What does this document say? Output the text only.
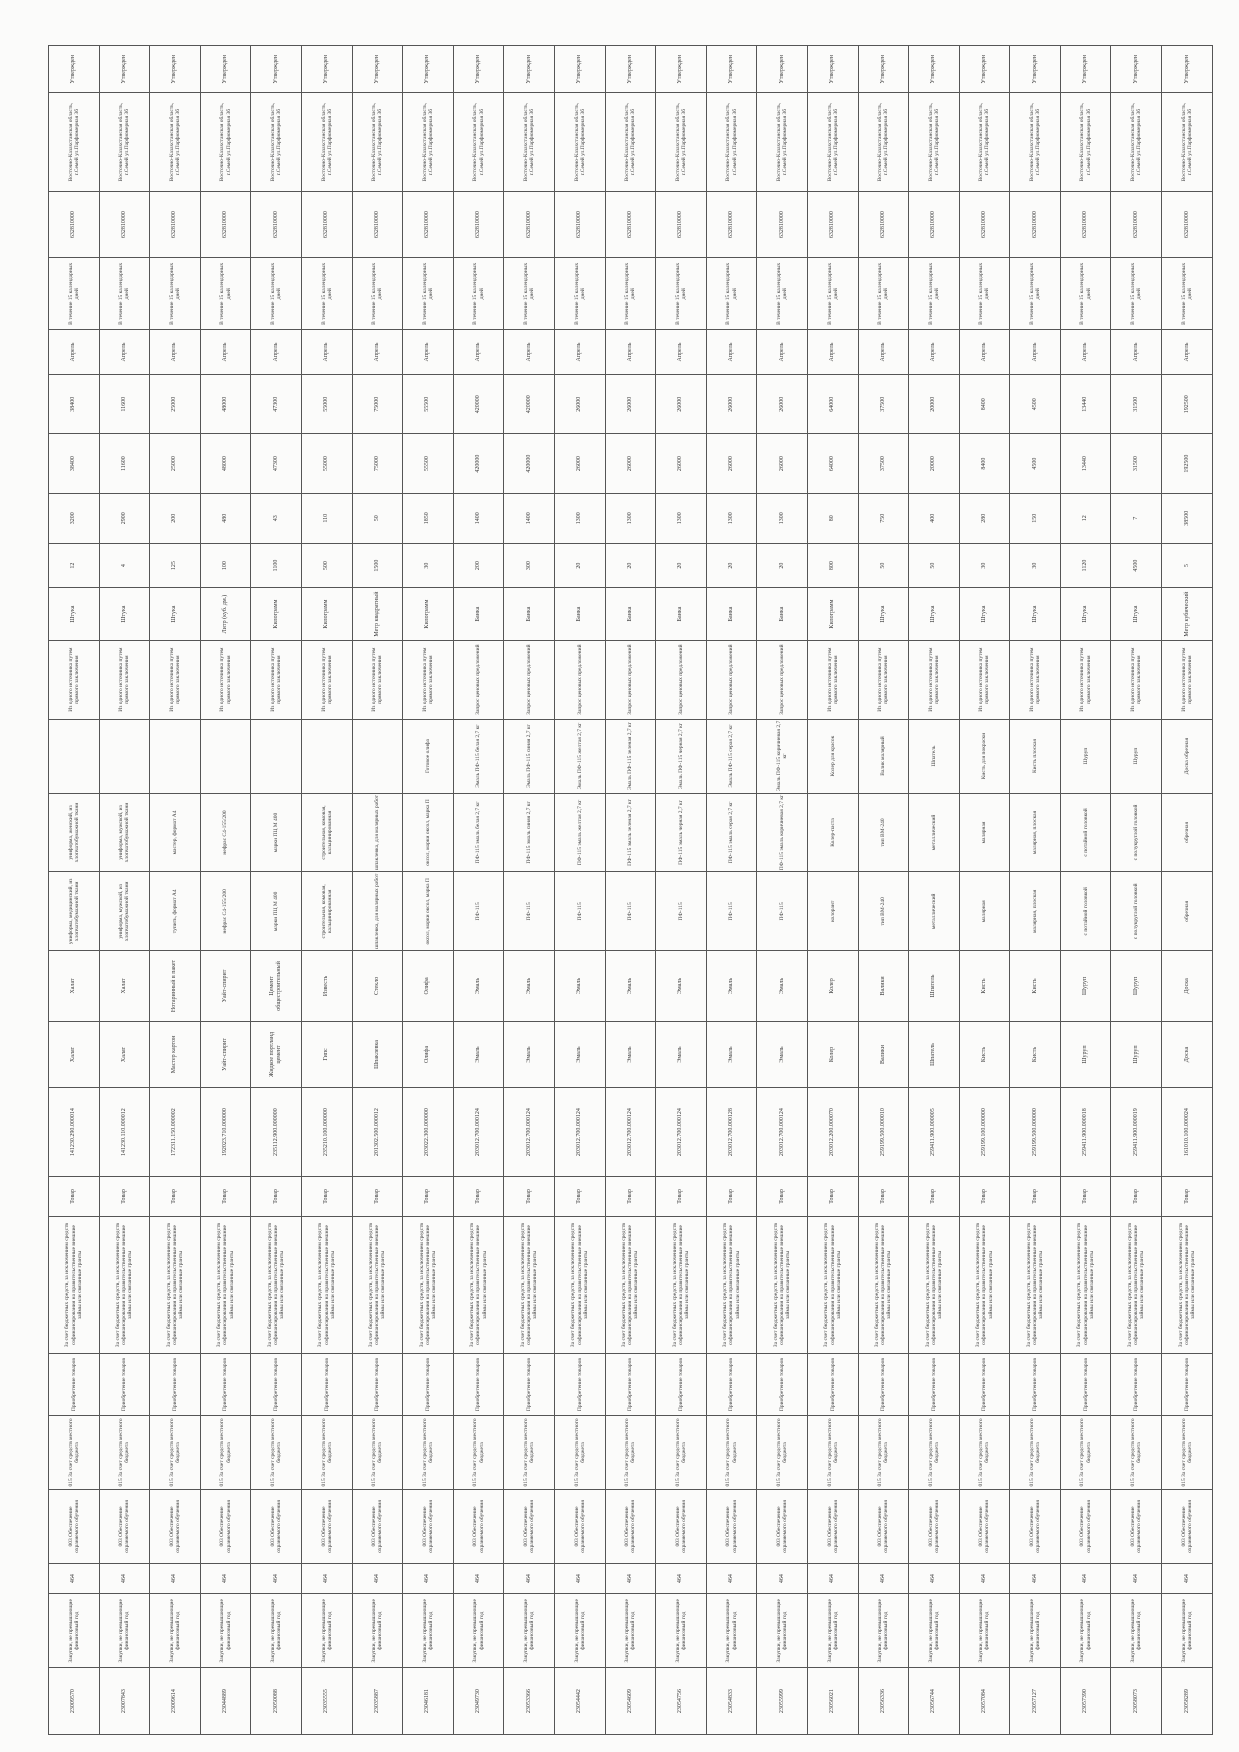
23009570	Закупки, не превышающие финансовый год	464	003 Обеспечение охраняемого обучения	015 За счет средств местного бюджета	Приобретение товаров	За счет бюджетных средств, за исключением средств софинансирования на правительственные внешние займы или связанные гранты	Товар	141230.290.000014	Халат	Халат	униформа, медицинский, из хлопчатобумажной ткани	униформа, женский, из хлопчатобумажной ткани		Из одного источника путем прямого заключения	Штука	12	3200	38400	38400	Апрель	В течение 15 календарных дней	632810000	Восточно-Казахстанская область, г.Семей ул.Парфюмерная 3б	Утвержден
23007843	Закупки, не превышающие финансовый год	464	003 Обеспечение охраняемого обучения	015 За счет средств местного бюджета	Приобретение товаров	За счет бюджетных средств, за исключением средств софинансирования на правительственные внешние займы или связанные гранты	Товар	141230.110.000012	Халат	Халат	униформа, мужской, из хлопчатобумажной ткани	униформа, мужской, из хлопчатобумажной ткани		Из одного источника путем прямого заключения	Штука	4	2900	11600	11600	Апрель	В течение 15 календарных дней	632810000	Восточно-Казахстанская область, г.Семей ул.Парфюмерная 3б	Утвержден
23009614	Закупки, не превышающие финансовый год	464	003 Обеспечение охраняемого обучения	015 За счет средств местного бюджета	Приобретение товаров	За счет бюджетных средств, за исключением средств софинансирования на правительственные внешние займы или связанные гранты	Товар	172311.150.000002	Мастер картон	Нотаринный в пакет	тупить, формат А4	мастер, формат А4		Из одного источника путем прямого заключения	Штука	125	200	25000	25000	Апрель	В течение 15 календарных дней	632810000	Восточно-Казахстанская область, г.Семей ул.Парфюмерная 3б	Утвержден
23044889	Закупки, не превышающие финансовый год	464	003 Обеспечение охраняемого обучения	015 За счет средств местного бюджета	Приобретение товаров	За счет бюджетных средств, за исключением средств софинансирования на правительственные внешние займы или связанные гранты	Товар	192023.710.000000	Уайт-спирит	Уайт-спирит	нефрас С4-155/200	нефрас С4-155/200		Из одного источника путем прямого заключения	Литр (куб. дм.)	100	480	48000	48000	Апрель	В течение 15 календарных дней	632810000	Восточно-Казахстанская область, г.Семей ул.Парфюмерная 3б	Утвержден
23050088	Закупки, не превышающие финансовый год	464	003 Обеспечение охраняемого обучения	015 За счет средств местного бюджета	Приобретение товаров	За счет бюджетных средств, за исключением средств софинансирования на правительственные внешние займы или связанные гранты	Товар	235112.900.000000	Жидкое портланд цемент	Цемент общестроительный	марки ПЦ М 400	марки ПЦ М 400		Из одного источника путем прямого заключения	Килограмм	1100	43	47300	47300	Апрель	В течение 15 календарных дней	632810000	Восточно-Казахстанская область, г.Семей ул.Парфюмерная 3б	Утвержден
23035555	Закупки, не превышающие финансовый год	464	003 Обеспечение охраняемого обучения	015 За счет средств местного бюджета	Приобретение товаров	За счет бюджетных средств, за исключением средств софинансирования на правительственные внешние займы или связанные гранты	Товар	235210.100.000000	Гипс	Известь	строительная, комовая, кальцинированная	строительная, комовая, кальцинированная		Из одного источника путем прямого заключения	Килограмм	500	110	55000	55000	Апрель	В течение 15 календарных дней	632810000	Восточно-Казахстанская область, г.Семей ул.Парфюмерная 3б	Утвержден
23035887	Закупки, не превышающие финансовый год	464	003 Обеспечение охраняемого обучения	015 За счет средств местного бюджета	Приобретение товаров	За счет бюджетных средств, за исключением средств софинансирования на правительственные внешние займы или связанные гранты	Товар	201302.500.000012	Шпаклевка	Стекло	шпаклевка, для малярных работ	шпаклевка, для малярных работ		Из одного источника путем прямого заключения	Метр квадратный	1500	50	75000	75000	Апрель	В течение 15 календарных дней	632810000	Восточно-Казахстанская область, г.Семей ул.Парфюмерная 3б	Утвержден
23046181	Закупки, не превышающие финансовый год	464	003 Обеспечение охраняемого обучения	015 За счет средств местного бюджета	Приобретение товаров	За счет бюджетных средств, за исключением средств софинансирования на правительственные внешние займы или связанные гранты	Товар	203022.300.000000	Олифа	Олифа	оксол, марки оксол, марка П	оксол, марки оксол, марка П	Готовое олифа	Из одного источника путем прямого заключения	Килограмм	30	1850	55500	55500	Апрель	В течение 15 календарных дней	632810000	Восточно-Казахстанская область, г.Семей ул.Парфюмерная 3б	Утвержден
23049730	Закупки, не превышающие финансовый год	464	003 Обеспечение охраняемого обучения	015 За счет средств местного бюджета	Приобретение товаров	За счет бюджетных средств, за исключением средств софинансирования на правительственные внешние займы или связанные гранты	Товар	203012.700.000124	Эмаль	Эмаль	ПФ-115	ПФ-115 эмаль белая 2,7 кг	Эмаль ПФ-115 белая 2,7 кг	Запрос ценовых предложений	Банка	200	1400	420000	420000	Апрель	В течение 15 календарных дней	632810000	Восточно-Казахстанская область, г.Семей ул.Парфюмерная 3б	Утвержден
23053366	Закупки, не превышающие финансовый год	464	003 Обеспечение охраняемого обучения	015 За счет средств местного бюджета	Приобретение товаров	За счет бюджетных средств, за исключением средств софинансирования на правительственные внешние займы или связанные гранты	Товар	203012.700.000124	Эмаль	Эмаль	ПФ-115	ПФ-115 эмаль синяя 2,7 кг	Эмаль ПФ-115 синяя 2,7 кг	Запрос ценовых предложений	Банка	300	1400	420000	420000	Апрель	В течение 15 календарных дней	632810000	Восточно-Казахстанская область, г.Семей ул.Парфюмерная 3б	Утвержден
23054442	Закупки, не превышающие финансовый год	464	003 Обеспечение охраняемого обучения	015 За счет средств местного бюджета	Приобретение товаров	За счет бюджетных средств, за исключением средств софинансирования на правительственные внешние займы или связанные гранты	Товар	203012.700.000124	Эмаль	Эмаль	ПФ-115	ПФ-115 эмаль желтая 2,7 кг	Эмаль ПФ-115 желтая 2,7 кг	Запрос ценовых предложений	Банка	20	1300	26000	26000	Апрель	В течение 15 календарных дней	632810000	Восточно-Казахстанская область, г.Семей ул.Парфюмерная 3б	Утвержден
23054609	Закупки, не превышающие финансовый год	464	003 Обеспечение охраняемого обучения	015 За счет средств местного бюджета	Приобретение товаров	За счет бюджетных средств, за исключением средств софинансирования на правительственные внешние займы или связанные гранты	Товар	203012.700.000124	Эмаль	Эмаль	ПФ-115	ПФ-115 эмаль зеленая 2,7 кг	Эмаль ПФ-115 зеленая 2,7 кг	Запрос ценовых предложений	Банка	20	1300	26000	26000	Апрель	В течение 15 календарных дней	632810000	Восточно-Казахстанская область, г.Семей ул.Парфюмерная 3б	Утвержден
23054756	Закупки, не превышающие финансовый год	464	003 Обеспечение охраняемого обучения	015 За счет средств местного бюджета	Приобретение товаров	За счет бюджетных средств, за исключением средств софинансирования на правительственные внешние займы или связанные гранты	Товар	203012.700.000124	Эмаль	Эмаль	ПФ-115	ПФ-115 эмаль черная 2,7 кг	Эмаль ПФ-115 черная 2,7 кг	Запрос ценовых предложений	Банка	20	1300	26000	26000	Апрель	В течение 15 календарных дней	632810000	Восточно-Казахстанская область, г.Семей ул.Парфюмерная 3б	Утвержден
23054833	Закупки, не превышающие финансовый год	464	003 Обеспечение охраняемого обучения	015 За счет средств местного бюджета	Приобретение товаров	За счет бюджетных средств, за исключением средств софинансирования на правительственные внешние займы или связанные гранты	Товар	203012.700.000128	Эмаль	Эмаль	ПФ-115	ПФ-115 эмаль серая 2,7 кг	Эмаль ПФ-115 серая 2,7 кг	Запрос ценовых предложений	Банка	20	1300	26000	26000	Апрель	В течение 15 календарных дней	632810000	Восточно-Казахстанская область, г.Семей ул.Парфюмерная 3б	Утвержден
23055999	Закупки, не превышающие финансовый год	464	003 Обеспечение охраняемого обучения	015 За счет средств местного бюджета	Приобретение товаров	За счет бюджетных средств, за исключением средств софинансирования на правительственные внешние займы или связанные гранты	Товар	203012.700.000124	Эмаль	Эмаль	ПФ-115	ПФ-115 эмаль коричневая 2,7 кг	Эмаль ПФ-115 коричневая 2,7 кг	Запрос ценовых предложений	Банка	20	1300	26000	26000	Апрель	В течение 15 календарных дней	632810000	Восточно-Казахстанская область, г.Семей ул.Парфюмерная 3б	Утвержден
23056021	Закупки, не превышающие финансовый год	464	003 Обеспечение охраняемого обучения	015 За счет средств местного бюджета	Приобретение товаров	За счет бюджетных средств, за исключением средств софинансирования на правительственные внешние займы или связанные гранты	Товар	203012.200.000070	Колер	Колер	колорант	Колер-паста	Колер для красок	Из одного источника путем прямого заключения	Килограмм	800	80	64000	64000	Апрель	В течение 15 календарных дней	632810000	Восточно-Казахстанская область, г.Семей ул.Парфюмерная 3б	Утвержден
23056336	Закупки, не превышающие финансовый год	464	003 Обеспечение охраняемого обучения	015 За счет средств местного бюджета	Приобретение товаров	За счет бюджетных средств, за исключением средств софинансирования на правительственные внешние займы или связанные гранты	Товар	259199.500.000010	Валики	Валики	тип ВМ-240	тип ВМ-240	Валик малярный	Из одного источника путем прямого заключения	Штука	50	750	37500	37500	Апрель	В течение 15 календарных дней	632810000	Восточно-Казахстанская область, г.Семей ул.Парфюмерная 3б	Утвержден
23056744	Закупки, не превышающие финансовый год	464	003 Обеспечение охраняемого обучения	015 За счет средств местного бюджета	Приобретение товаров	За счет бюджетных средств, за исключением средств софинансирования на правительственные внешние займы или связанные гранты	Товар	259411.900.000005	Шпатель	Шпатель	металлический	металлический	Шпатель	Из одного источника путем прямого заключения	Штука	50	400	20000	20000	Апрель	В течение 15 календарных дней	632810000	Восточно-Казахстанская область, г.Семей ул.Парфюмерная 3б	Утвержден
23057084	Закупки, не превышающие финансовый год	464	003 Обеспечение охраняемого обучения	015 За счет средств местного бюджета	Приобретение товаров	За счет бюджетных средств, за исключением средств софинансирования на правительственные внешние займы или связанные гранты	Товар	259199.100.000000	Кисть	Кисть	малярная	малярная	Кисть для покраски	Из одного источника путем прямого заключения	Штука	30	280	8400	8400	Апрель	В течение 15 календарных дней	632810000	Восточно-Казахстанская область, г.Семей ул.Парфюмерная 3б	Утвержден
23057127	Закупки, не превышающие финансовый год	464	003 Обеспечение охраняемого обучения	015 За счет средств местного бюджета	Приобретение товаров	За счет бюджетных средств, за исключением средств софинансирования на правительственные внешние займы или связанные гранты	Товар	259199.500.000000	Кисть	Кисть	малярная, плоская	малярная, плоская	Кисть плоская	Из одного источника путем прямого заключения	Штука	30	150	4500	4500	Апрель	В течение 15 календарных дней	632810000	Восточно-Казахстанская область, г.Семей ул.Парфюмерная 3б	Утвержден
23057390	Закупки, не превышающие финансовый год	464	003 Обеспечение охраняемого обучения	015 За счет средств местного бюджета	Приобретение товаров	За счет бюджетных средств, за исключением средств софинансирования на правительственные внешние займы или связанные гранты	Товар	259411.900.000018	Шуруп	Шуруп	с потайной головкой	с потайной головкой	Шуруп	Из одного источника путем прямого заключения	Штука	1120	12	13440	13440	Апрель	В течение 15 календарных дней	632810000	Восточно-Казахстанская область, г.Семей ул.Парфюмерная 3б	Утвержден
23058073	Закупки, не превышающие финансовый год	464	003 Обеспечение охраняемого обучения	015 За счет средств местного бюджета	Приобретение товаров	За счет бюджетных средств, за исключением средств софинансирования на правительственные внешние займы или связанные гранты	Товар	259411.900.000019	Шуруп	Шуруп	с полукруглой головкой	с полукруглой головкой	Шуруп	Из одного источника путем прямого заключения	Штука	4500	7	31500	31500	Апрель	В течение 15 календарных дней	632810000	Восточно-Казахстанская область, г.Семей ул.Парфюмерная 3б	Утвержден
23058289	Закупки, не превышающие финансовый год	464	003 Обеспечение охраняемого обучения	015 За счет средств местного бюджета	Приобретение товаров	За счет бюджетных средств, за исключением средств софинансирования на правительственные внешние займы или связанные гранты	Товар	161010.100.000024	Доска	Доска	обрезная	обрезная	Доска обрезная	Из одного источника путем прямого заключения	Метр кубический	5	38500	192500	192500	Апрель	В течение 15 календарных дней	632810000	Восточно-Казахстанская область, г.Семей ул.Парфюмерная 3б	Утвержден
